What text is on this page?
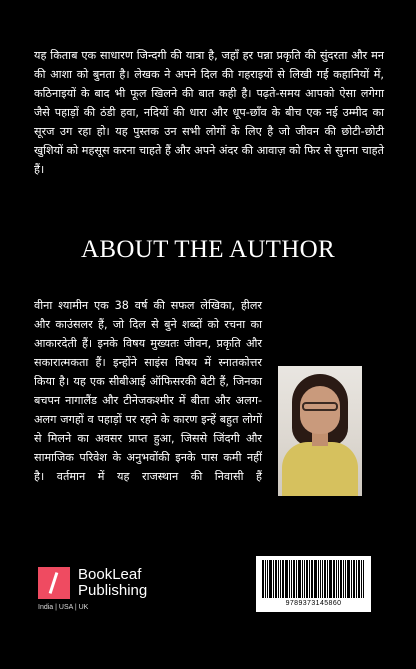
यह किताब एक साधारण जिन्दगी की यात्रा है, जहाँ हर पन्ना प्रकृति की सुंदरता और मन की आशा को बुनता है। लेखक ने अपने दिल की गहराइयों से लिखी गई कहानियों में, कठिनाइयों के बाद भी फूल खिलने की बात कही है। पढ़ते-समय आपको ऐसा लगेगा जैसे पहाड़ों की ठंडी हवा, नदियों की धारा और धूप-छाँव के बीच एक नई उम्मीद का सूरज उग रहा हो। यह पुस्तक उन सभी लोगों के लिए है जो जीवन की छोटी-छोटी खुशियों को महसूस करना चाहते हैं और अपने अंदर की आवाज़ को फिर से सुनना चाहते हैं।
ABOUT THE AUTHOR
वीना श्यामीन एक 38 वर्ष की सफल लेखिका, हीलर और काउंसलर हैं, जो दिल से बुने शब्दों को रचना का आकारदेती हैं। इनके विषय मुख्यतः जीवन, प्रकृति और सकारात्मकता हैं। इन्होंने साइंस विषय में स्नातकोत्तर किया है। यह एक सीबीआई ऑफिसरकी बेटी हैं, जिनका बचपन नागालैंड और टीनेजकश्मीर में बीता और अलग-अलग जगहों व पहाड़ों पर रहने के कारण इन्हें बहुत लोगों से मिलने का अवसर प्राप्त हुआ, जिससे जिंदगी और सामाजिक परिवेश के अनुभवोंकी इनके पास कमी नहीं है। वर्तमान में यह राजस्थान की निवासी हैं
BookLeaf
Publishing
India | USA | UK
9789373145860
